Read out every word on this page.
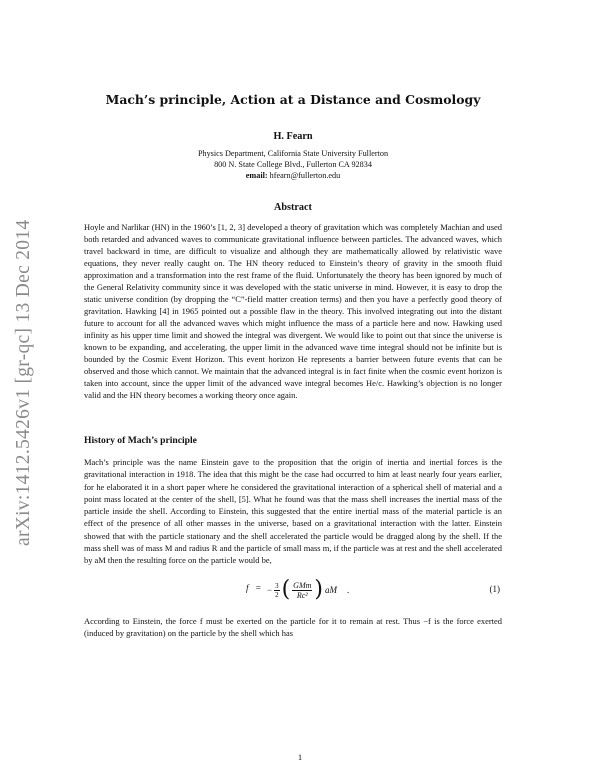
arXiv:1412.5426v1 [gr-qc] 13 Dec 2014
Mach’s principle, Action at a Distance and Cosmology
H. Fearn
Physics Department, California State University Fullerton
800 N. State College Blvd., Fullerton CA 92834
email: hfearn@fullerton.edu
Abstract

Hoyle and Narlikar (HN) in the 1960’s [1, 2, 3] developed a theory of gravitation which was completely Machian and used both retarded and advanced waves to communicate gravitational influence between particles. The advanced waves, which travel backward in time, are difficult to visualize and although they are mathematically allowed by relativistic wave equations, they never really caught on. The HN theory reduced to Einstein’s theory of gravity in the smooth fluid approximation and a transformation into the rest frame of the fluid. Unfortunately the theory has been ignored by much of the General Relativity community since it was developed with the static universe in mind. However, it is easy to drop the static universe condition (by dropping the “C”-field matter creation terms) and then you have a perfectly good theory of gravitation. Hawking [4] in 1965 pointed out a possible flaw in the theory. This involved integrating out into the distant future to account for all the advanced waves which might influence the mass of a particle here and now. Hawking used infinity as his upper time limit and showed the integral was divergent. We would like to point out that since the universe is known to be expanding, and accelerating, the upper limit in the advanced wave time integral should not be infinite but is bounded by the Cosmic Event Horizon. This event horizon He represents a barrier between future events that can be observed and those which cannot. We maintain that the advanced integral is in fact finite when the cosmic event horizon is taken into account, since the upper limit of the advanced wave integral becomes He/c. Hawking’s objection is no longer valid and the HN theory becomes a working theory once again.

History of Mach’s principle

Mach’s principle was the name Einstein gave to the proposition that the origin of inertia and inertial forces is the gravitational interaction in 1918. The idea that this might be the case had occurred to him at least nearly four years earlier, for he elaborated it in a short paper where he considered the gravitational interaction of a spherical shell of material and a point mass located at the center of the shell, [5]. What he found was that the mass shell increases the inertial mass of the particle inside the shell. According to Einstein, this suggested that the entire inertial mass of the material particle is an effect of the presence of all other masses in the universe, based on a gravitational interaction with the latter. Einstein showed that with the particle stationary and the shell accelerated the particle would be dragged along by the shell. If the mass shell was of mass M and radius R and the particle of small mass m, if the particle was at rest and the shell accelerated by aM then the resulting force on the particle would be,

f = − $\frac{3}{2}$ ( $\frac{\text{GMm}}{\text{Rc²}}$ ) aM .	(1)

According to Einstein, the force f must be exerted on the particle for it to remain at rest. Thus −f is the force exerted (induced by gravitation) on the particle by the shell which has

1
